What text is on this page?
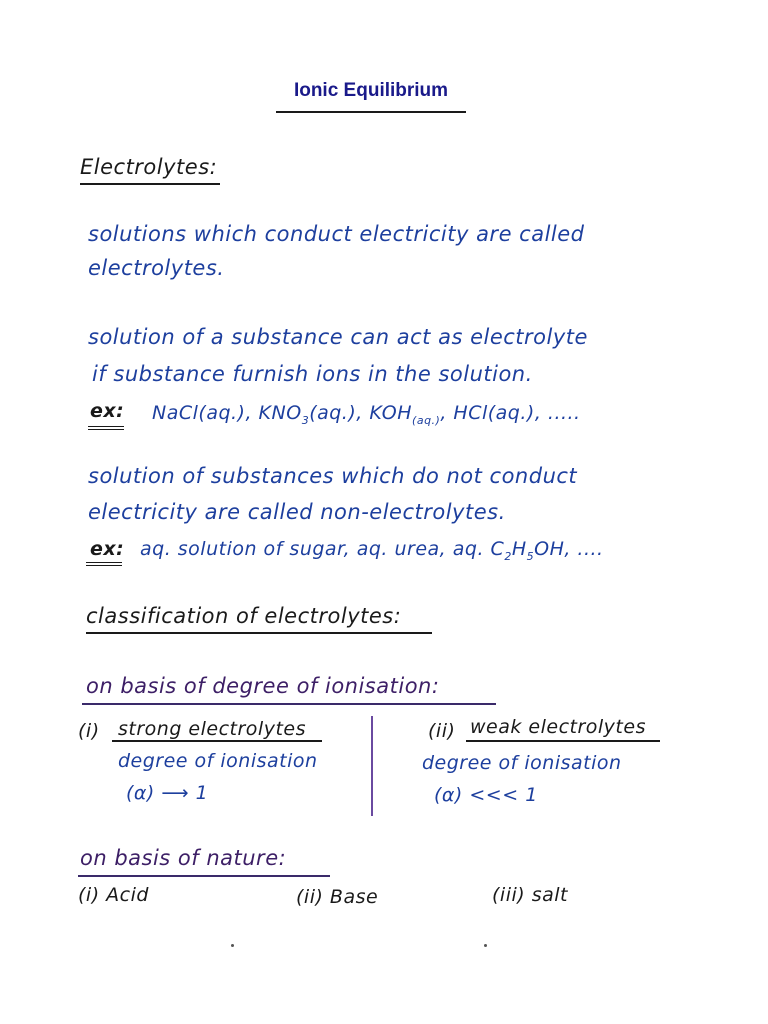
Ionic Equilibrium
Electrolytes:
solutions which conduct electricity are called
electrolytes.
solution of a substance can act as electrolyte
if substance furnish ions in the solution.
ex: NaCl(aq.), $KNO_3(aq.)$, $KOH_{(aq.)}$, HCl(aq.), .....
solution of substances which do not conduct
electricity are called non-electrolytes.
ex: aq. solution of sugar, aq. urea, aq. $C_2H_5OH$, ....
classification of electrolytes:
on basis of degree of ionisation:
(i) strong electrolytes
degree of ionisation
(α) ⟶ 1
(ii) weak electrolytes
degree of ionisation
(α) <<< 1
on basis of nature:
(i) Acid	(ii) Base	(iii) salt
